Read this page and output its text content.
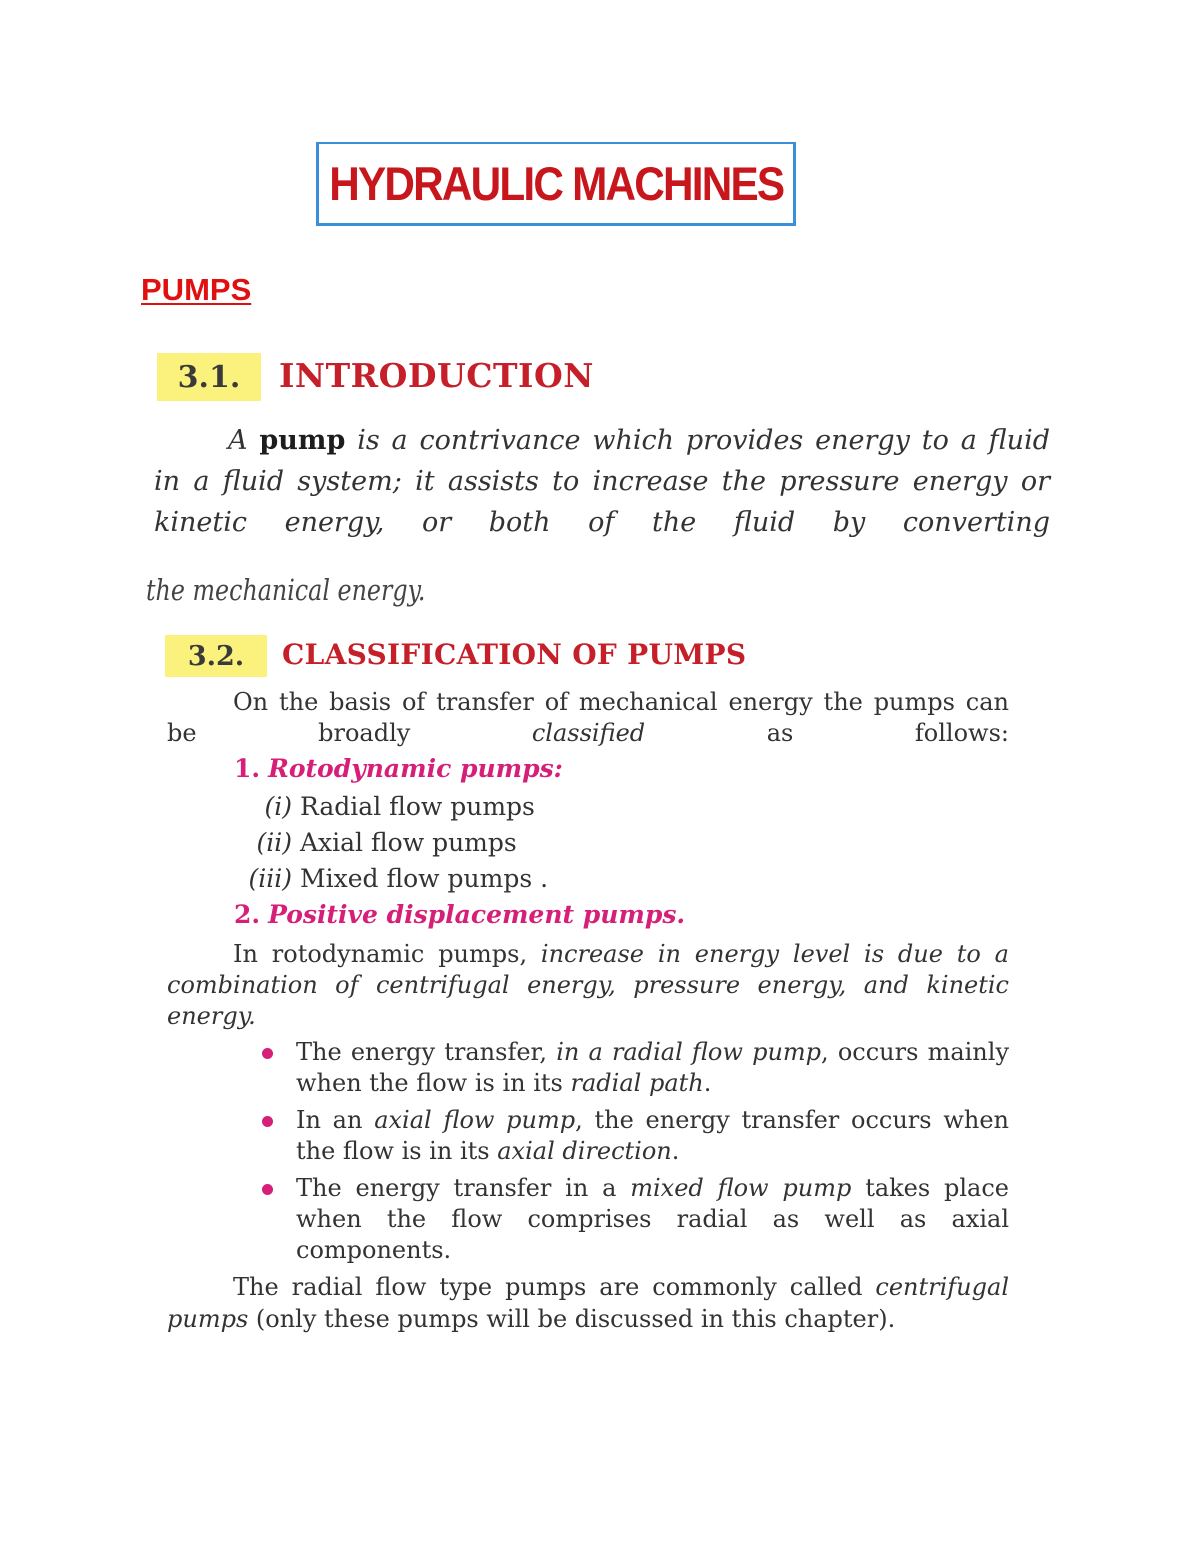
HYDRAULIC MACHINES
PUMPS
3.1.	INTRODUCTION
A pump is a contrivance which provides energy to a fluid in a fluid system; it assists to increase the pressure energy or kinetic energy, or both of the fluid by converting
the mechanical energy.
3.2.	CLASSIFICATION OF PUMPS
On the basis of transfer of mechanical energy the pumps can be broadly	classified	as follows:
1. Rotodynamic pumps:
(i) Radial flow pumps
(ii) Axial flow pumps
(iii) Mixed flow pumps .
2. Positive displacement pumps.
In rotodynamic pumps, increase in energy level is due to a combination of centrifugal energy, pressure energy, and kinetic energy.
The energy transfer, in a radial flow pump, occurs mainly when the flow is in its radial path.
In an axial flow pump, the energy transfer occurs when the flow is in its axial direction.
The energy transfer in a mixed flow pump takes place when the flow comprises radial as well as axial components.
The radial flow type pumps are commonly called centrifugal pumps (only these pumps will be discussed in this chapter).
